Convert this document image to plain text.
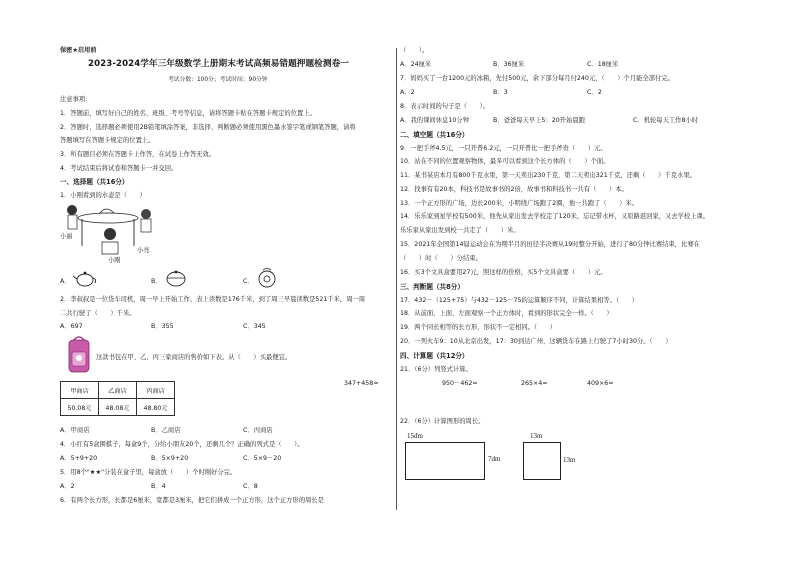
保密★启用前
2023-2024学年三年级数学上册期末考试高频易错题押题检测卷一
考试分数：100分；考试时间：90分钟
注意事项：
1．答题前，填写好自己的姓名、班级、考号等信息，请将答题卡贴在答题卡规定的位置上。
2．答题时，选择题必须使用2B铅笔填涂答案，非选择、判断题必须使用黑色墨水签字笔或钢笔答题，请将
答题填写在答题卡规定的位置上。
3．所有题目必须在答题卡上作答，在试卷上作答无效。
4．考试结束后将试卷和答题卡一并交回。
一、选择题（共16分）
1．小刚看到的水壶是（　　）
小丽
小亮
小刚
A．	B．	C．
2．李叔叔是一位货车司机，周一早上开始工作，表上读数是176千米，到了周三早晨读数是521千米，周一周
二共行驶了（　　）千米。
A．697	B．355	C．345
这款书包在甲、乙、丙三家商店的售价如下表。从（　　）买最便宜。
甲商店	乙商店	丙商店
50.08元	48.08元	48.80元
A．甲商店	B．乙商店	C．丙商店
4．小红有5盒围棋子，每盒9个，分给小朋友20个，还剩几个？正确的列式是（　　）。
A．5+9+20	B．5×9+20	C．5×9－20
5．用8个"★★"分装在盒子里，每盒放（　　）个时刚好分完。
A．2	B．4	C．8
6．有两个长方形，长都是6厘米，宽都是3厘米，把它们拼成一个正方形，这个正方形的周长是
（　　）。
A．24厘米	B．36厘米	C．18厘米
7．妈妈买了一台1200元的冰箱，先付500元，余下部分每月付240元，（　　）个月能全部付完。
A．2	B．3	C．2
8．表示时间的句子是（　　）。
A．我的课间休息10分钟	B．爸爸每天早上5：20开始晨跑	C．机轮每天工作8小时
二、填空题（共16分）
9．一把手斧4.5元，一只开普6.2元，一只开普比一把手斧贵（　　）元。
10．站在不同的位置观察物体，最多可以看到这个长方体的（　　）个面。
11．某书某店本月有800千克水果，第一天卖出230千克，第二天卖出321千克，还剩（　　）千克水果。
12．找事有有20本，科技书是故事书的2倍，故事书和科技书一共有（　　）本。
13．一个正方形的广场，边长200米，小明绕广场跑了2圈，他一共跑了（　　）米。
14．乐乐家到星学校有500米，他先从家出发去学校走了120米，忘记带水杯，又原路返回家，又去学校上课。
乐乐家从家出发到校一共走了（　　）米。
15．2021年全国第14届运动会在为期半月的田径半决赛从19时整分开始，进行了80分钟比赛结束，比赛在
（　　）时（　　）分结束。
16．买3个文具盒要用27元，照这样的价格，买5个文具盒要（　　）元。
三、判断题（共8分）
17．432－（125+75）与432－125－75的运算顺序不同，计算结果相等。（　　）
18．从前面、上面、左面观察一个正方体时，看到的形状完全一样。（　　）
19．两个同长相等的长方形，形状不一定相同。（　　）
20．一列火车9：10从北京出发，17：30到达广州，这辆货车在路上行驶了7小时30分。（　　）
四、计算题（共12分）
21．（6分）列竖式计算。
347+458=	950－462=	265×4=	409×6=
22．（6分）计算图形的周长。
15dm
7dm
13m
13m
